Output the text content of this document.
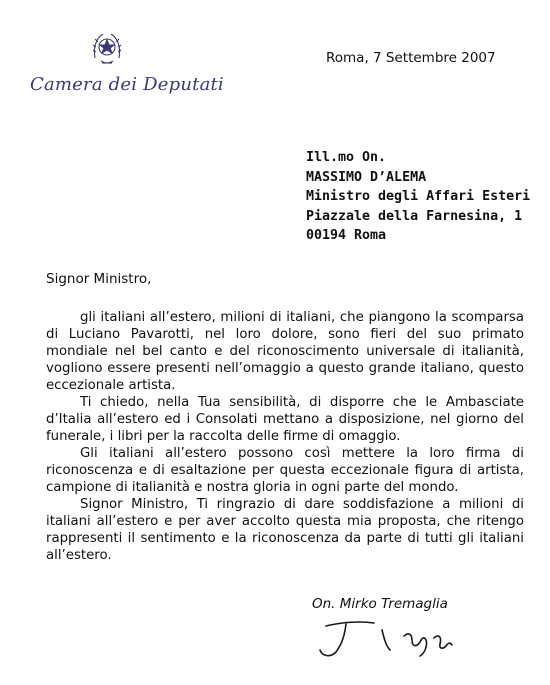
Camera dei Deputati
Roma, 7 Settembre 2007
Ill.mo On.
MASSIMO D’ALEMA
Ministro degli Affari Esteri
Piazzale della Farnesina, 1
00194 Roma
Signor Ministro,

gli italiani all’estero, milioni di italiani, che piangono la scomparsa di Luciano Pavarotti, nel loro dolore, sono fieri del suo primato mondiale nel bel canto e del riconoscimento universale di italianità, vogliono essere presenti nell’omaggio a questo grande italiano, questo eccezionale artista.

Ti chiedo, nella Tua sensibilità, di disporre che le Ambasciate d’Italia all’estero ed i Consolati mettano a disposizione, nel giorno del funerale, i libri per la raccolta delle firme di omaggio.

Gli italiani all’estero possono così mettere la loro firma di riconoscenza e di esaltazione per questa eccezionale figura di artista, campione di italianità e nostra gloria in ogni parte del mondo.

Signor Ministro, Ti ringrazio di dare soddisfazione a milioni di italiani all’estero e per aver accolto questa mia proposta, che ritengo rappresenti il sentimento e la riconoscenza da parte di tutti gli italiani all’estero.

On. Mirko Tremaglia
